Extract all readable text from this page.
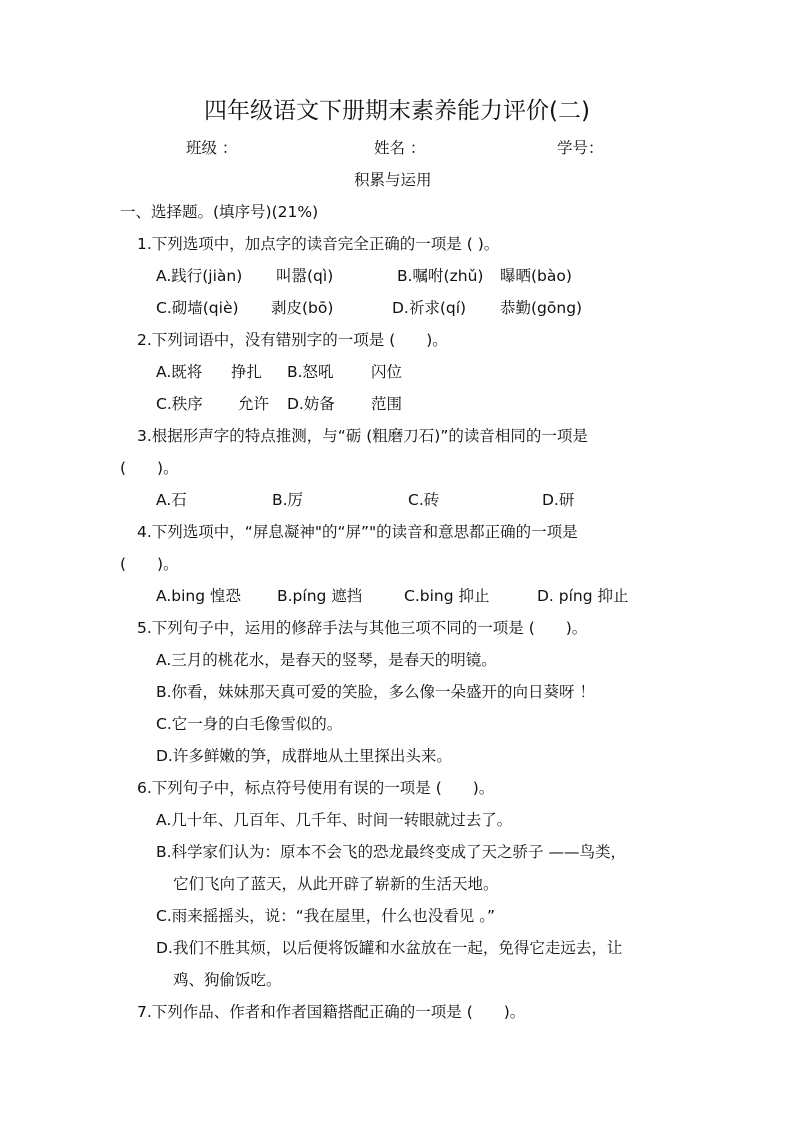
四年级语文下册期末素养能力评价(二)
班级 ：	姓名 ：	学号：
积累与运用
一、选择题。(填序号)(21%)
1.下列选项中，加点字的读音完全正确的一项是 ( )。
A.践行(jiàn) 叫嚣(qì)	B.嘱咐(zhǔ) 曝晒(bào)
C.砌墙(qiè) 剥皮(bō)	D.祈求(qí) 恭勤(gōng)
2.下列词语中，没有错别字的一项是 (　　)。
A.既将 挣扎 B.怒吼 闪位
C.秩序 允许 D.妨备 范围
3.根据形声字的特点推测，与“砺 (粗磨刀石)”的读音相同的一项是
(　　)。
A.石	B.厉	C.砖	D.研
4.下列选项中，“屏息凝神"的“屏”"的读音和意思都正确的一项是
(　　)。
A.bing 惶恐 B.píng 遮挡	C.bing 抑止	D. píng 抑止
5.下列句子中，运用的修辞手法与其他三项不同的一项是 (　　)。
A.三月的桃花水，是春天的竖琴，是春天的明镜。
B.你看，妹妹那天真可爱的笑脸，多么像一朵盛开的向日葵呀 ！
C.它一身的白毛像雪似的。
D.许多鲜嫩的笋，成群地从土里探出头来。
6.下列句子中，标点符号使用有误的一项是 (　　)。
A.几十年、几百年、几千年、时间一转眼就过去了。
B.科学家们认为：原本不会飞的恐龙最终变成了天之骄子 ——鸟类，
它们飞向了蓝天，从此开辟了崭新的生活天地。
C.雨来摇摇头，说：“我在屋里，什么也没看见 。”
D.我们不胜其烦，以后便将饭罐和水盆放在一起，免得它走远去，让
鸡、狗偷饭吃。
7.下列作品、作者和作者国籍搭配正确的一项是 (　　)。
